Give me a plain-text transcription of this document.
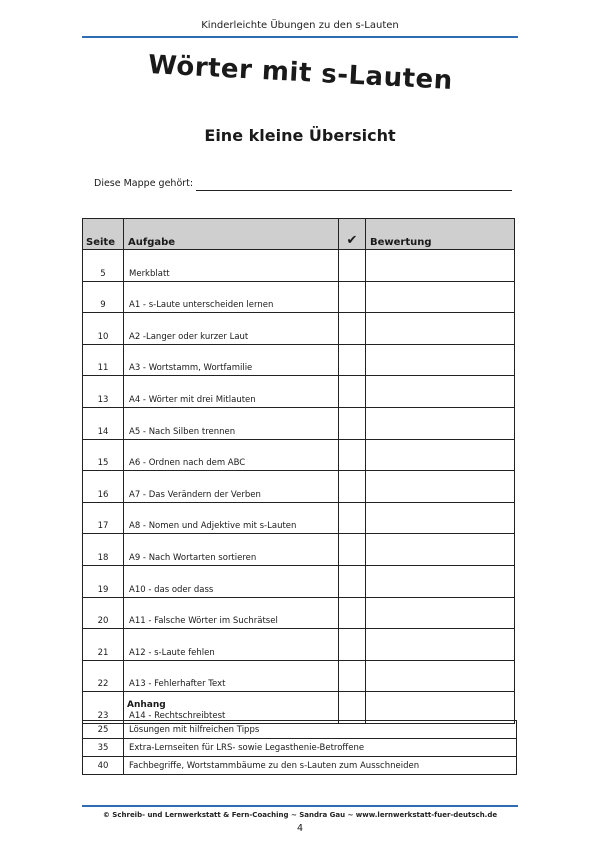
Kinderleichte Übungen zu den s-Lauten
Wörter mit s-Lauten
Eine kleine Übersicht
Diese Mappe gehört:
Seite	Aufgabe	✔	Bewertung
5	Merkblatt		
9	A1 - s-Laute unterscheiden lernen		
10	A2 -Langer oder kurzer Laut		
11	A3 - Wortstamm, Wortfamilie		
13	A4 - Wörter mit drei Mitlauten		
14	A5 - Nach Silben trennen		
15	A6 - Ordnen nach dem ABC		
16	A7 - Das Verändern der Verben		
17	A8 - Nomen und Adjektive mit s-Lauten		
18	A9 - Nach Wortarten sortieren		
19	A10 - das oder dass		
20	A11 - Falsche Wörter im Suchrätsel		
21	A12 - s-Laute fehlen		
22	A13 - Fehlerhafter Text		
23	A14 - Rechtschreibtest		
Anhang
25	Lösungen mit hilfreichen Tipps
35	Extra-Lernseiten für LRS- sowie Legasthenie-Betroffene
40	Fachbegriffe, Wortstammbäume zu den s-Lauten zum Ausschneiden
© Schreib- und Lernwerkstatt & Fern-Coaching ~ Sandra Gau ~ www.lernwerkstatt-fuer-deutsch.de
4
